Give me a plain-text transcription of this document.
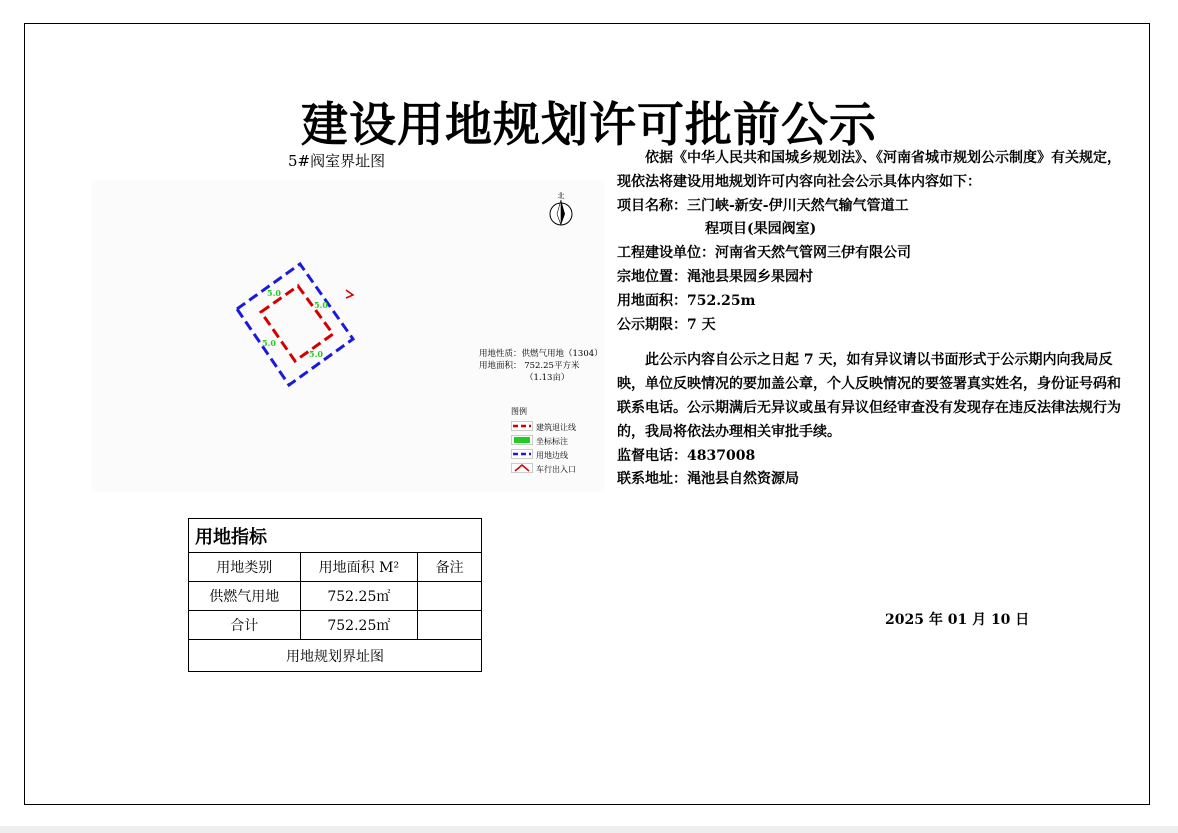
建设用地规划许可批前公示
5#阀室界址图
北
5.0
5.0
5.0
5.0	用地性质：供燃气用地（1304）
用地面积： 752.25平方米
（1.13亩）
图例
建筑退让线
坐标标注
用地边线
车行出入口

依据《中华人民共和国城乡规划法》、《河南省城市规划公示制度》有关规定，现依法将建设用地规划许可内容向社会公示具体内容如下：

项目名称：三门峡-新安-伊川天然气输气管道工

程项目(果园阀室)

工程建设单位：河南省天然气管网三伊有限公司

宗地位置：渑池县果园乡果园村

用地面积：752.25m

公示期限：7 天

此公示内容自公示之日起 7 天，如有异议请以书面形式于公示期内向我局反映，单位反映情况的要加盖公章，个人反映情况的要签署真实姓名，身份证号码和联系电话。公示期满后无异议或虽有异议但经审查没有发现存在违反法律法规行为的，我局将依法办理相关审批手续。

监督电话：4837008

联系地址：渑池县自然资源局

2025 年 01 月 10 日
用地指标		
用地类别	用地面积 M²	备注
供燃气用地	752.25㎡	
合计	752.25㎡	
用地规划界址图		
